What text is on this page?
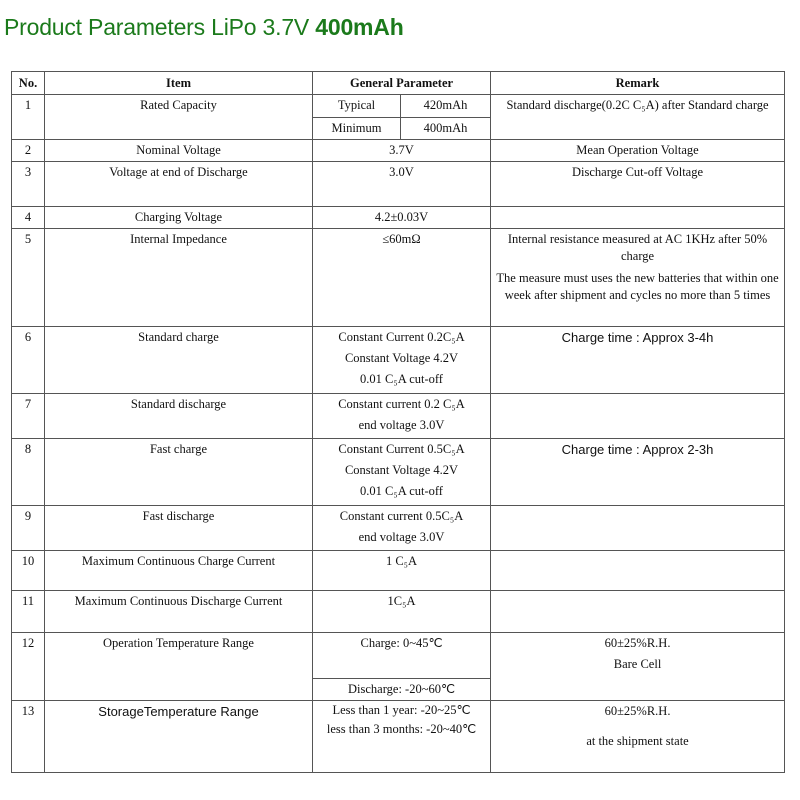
Product Parameters LiPo 3.7V 400mAh
No.	Item	General Parameter		Remark
1	Rated Capacity	Typical	420mAh	Standard discharge(0.2C C₅A) after Standard charge
		Minimum	400mAh	
2	Nominal Voltage	3.7V		Mean Operation Voltage
3	Voltage at end of Discharge	3.0V		Discharge Cut-off Voltage
4	Charging Voltage	4.2±0.03V		
5	Internal Impedance	≤60mΩ		Internal resistance measured at AC 1KHz after 50% charge
The measure must uses the new batteries that within one week after shipment and cycles no more than 5 times

6	Standard charge	Constant Current 0.2C₅A
Constant Voltage 4.2V
0.01 C₅A cut-off		Charge time : Approx 3-4h
7	Standard discharge	Constant current 0.2 C₅A
end voltage 3.0V		

8	Fast charge	Constant Current 0.5C₅A
Constant Voltage 4.2V
0.01 C₅A cut-off		Charge time : Approx 2-3h
9	Fast discharge	Constant current 0.5C₅A
end voltage 3.0V		

10	Maximum Continuous Charge Current	1 C₅A		
11	Maximum Continuous Discharge Current	1C₅A		
12	Operation Temperature Range	Charge: 0~45℃		60±25%R.H.
Bare Cell

		Discharge: -20~60℃		
13	StorageTemperature Range	Less than 1 year: -20~25℃
less than 3 months: -20~40℃		60±25%R.H.
at the shipment state
